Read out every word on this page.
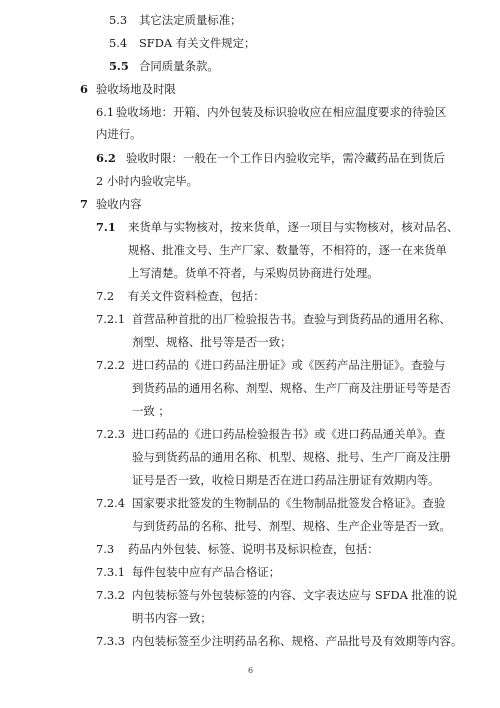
5.3 其它法定质量标准；
5.4 SFDA 有关文件规定；
5.5 合同质量条款。
6 验收场地及时限
6.1 验收场地：开箱、内外包装及标识验收应在相应温度要求的待验区
内进行。
6.2 验收时限：一般在一个工作日内验收完毕，需冷藏药品在到货后
2 小时内验收完毕。
7 验收内容
7.1 来货单与实物核对，按来货单，逐一项目与实物核对，核对品名、
规格、批准文号、生产厂家、数量等，不相符的，逐一在来货单
上写清楚。货单不符者，与采购员协商进行处理。
7.2 有关文件资料检查，包括：
7.2.1 首营品种首批的出厂检验报告书。查验与到货药品的通用名称、
剂型、规格、批号等是否一致；
7.2.2 进口药品的《进口药品注册证》或《医药产品注册证》。查验与
到货药品的通用名称、剂型、规格、生产厂商及注册证号等是否
一致 ；
7.2.3 进口药品的《进口药品检验报告书》或《进口药品通关单》。查
验与到货药品的通用名称、机型、规格、批号、生产厂商及注册
证号是否一致，收检日期是否在进口药品注册证有效期内等。
7.2.4 国家要求批签发的生物制品的《生物制品批签发合格证》。查验
与到货药品的名称、批号、剂型、规格、生产企业等是否一致。
7.3 药品内外包装、标签、说明书及标识检查，包括：
7.3.1 每件包装中应有产品合格证；
7.3.2 内包装标签与外包装标签的内容、文字表达应与 SFDA 批准的说
明书内容一致；
7.3.3 内包装标签至少注明药品名称、规格、产品批号及有效期等内容。
6
